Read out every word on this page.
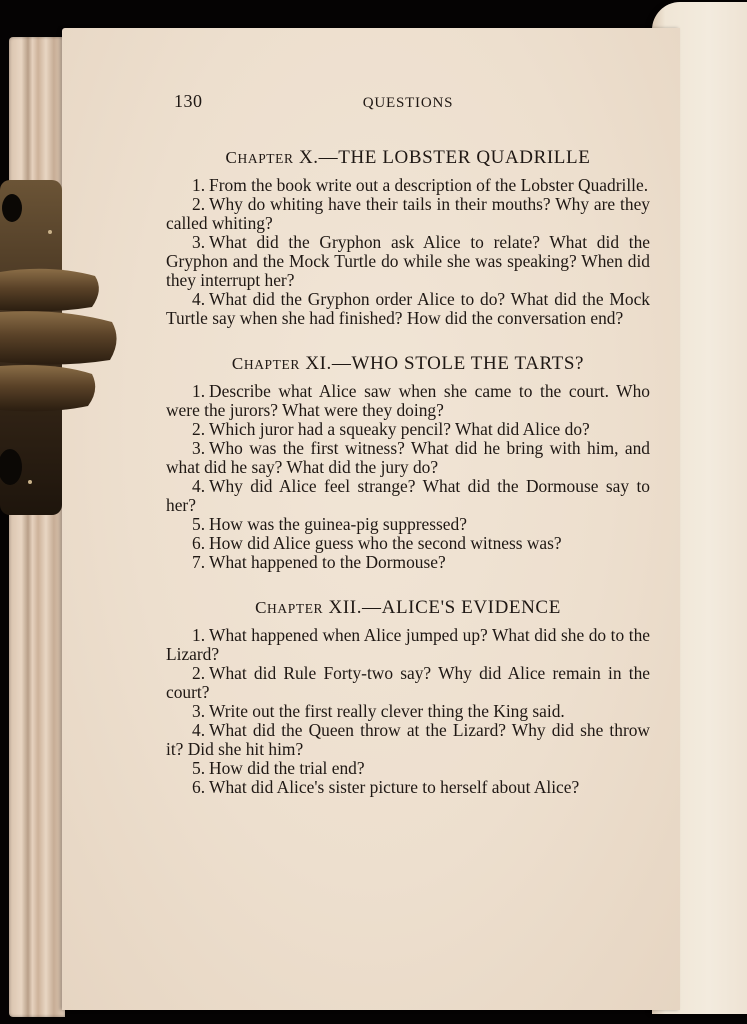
130	QUESTIONS
CHAPTER X.—THE LOBSTER QUADRILLE

1. From the book write out a description of the Lobster Quadrille.

2. Why do whiting have their tails in their mouths? Why are they called whiting?

3. What did the Gryphon ask Alice to relate? What did the Gryphon and the Mock Turtle do while she was speaking? When did they interrupt her?

4. What did the Gryphon order Alice to do? What did the Mock Turtle say when she had finished? How did the conversation end?

CHAPTER XI.—WHO STOLE THE TARTS?

1. Describe what Alice saw when she came to the court. Who were the jurors? What were they doing?

2. Which juror had a squeaky pencil? What did Alice do?

3. Who was the first witness? What did he bring with him, and what did he say? What did the jury do?

4. Why did Alice feel strange? What did the Dormouse say to her?

5. How was the guinea-pig suppressed?

6. How did Alice guess who the second witness was?

7. What happened to the Dormouse?

CHAPTER XII.—ALICE'S EVIDENCE

1. What happened when Alice jumped up? What did she do to the Lizard?

2. What did Rule Forty-two say? Why did Alice remain in the court?

3. Write out the first really clever thing the King said.

4. What did the Queen throw at the Lizard? Why did she throw it? Did she hit him?

5. How did the trial end?

6. What did Alice's sister picture to herself about Alice?
